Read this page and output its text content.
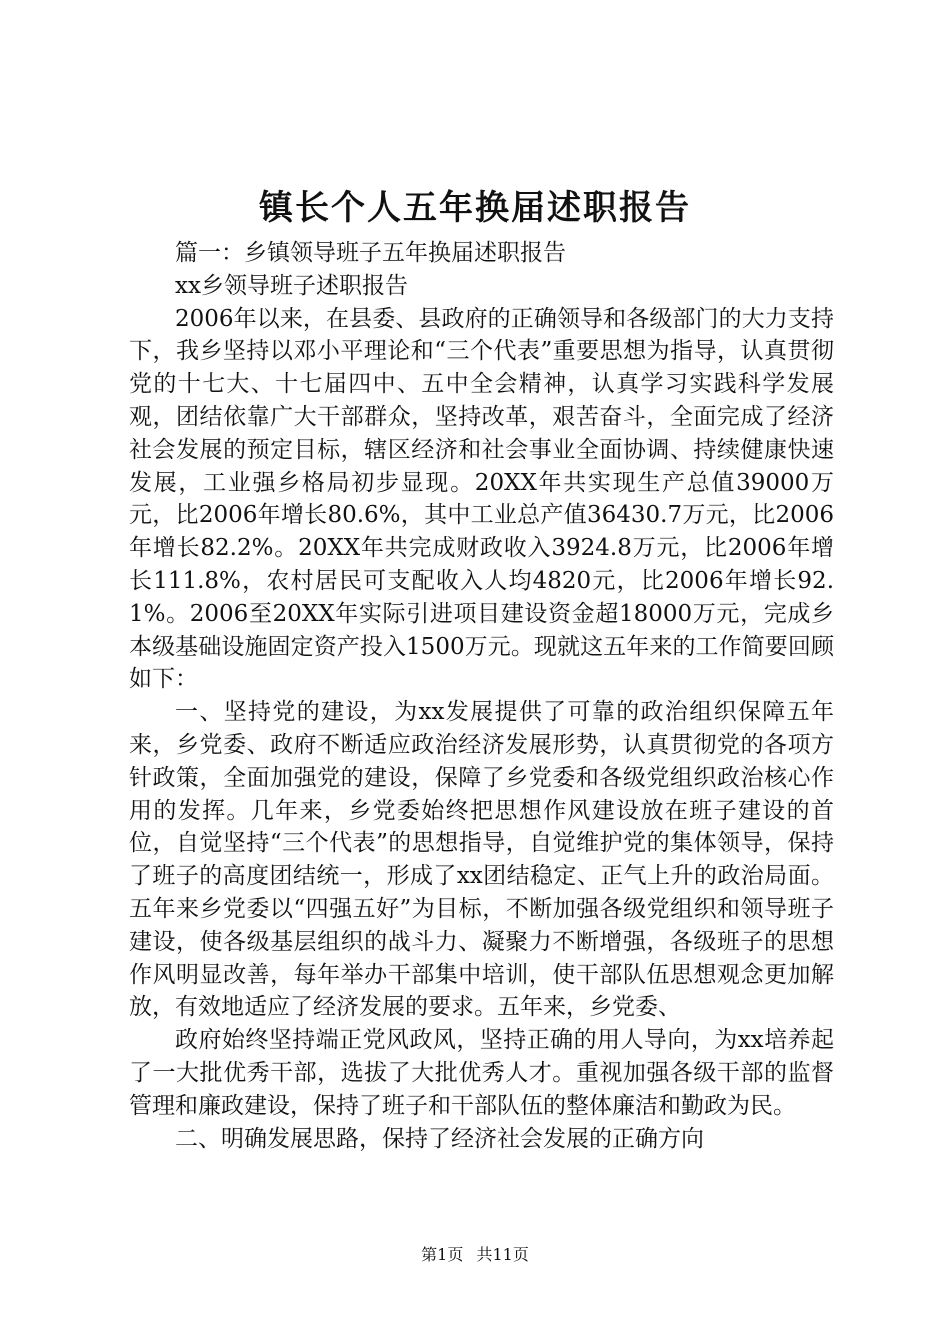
镇长个人五年换届述职报告

篇一：乡镇领导班子五年换届述职报告

xx乡领导班子述职报告

2006年以来，在县委、县政府的正确领导和各级部门的大力支持下，我乡坚持以邓小平理论和“三个代表”重要思想为指导，认真贯彻党的十七大、十七届四中、五中全会精神，认真学习实践科学发展观，团结依靠广大干部群众，坚持改革，艰苦奋斗，全面完成了经济社会发展的预定目标，辖区经济和社会事业全面协调、持续健康快速发展，工业强乡格局初步显现。20XX年共实现生产总值39000万元，比2006年增长80.6%，其中工业总产值36430.7万元，比2006年增长82.2%。20XX年共完成财政收入3924.8万元，比2006年增长111.8%，农村居民可支配收入人均4820元，比2006年增长92.1%。2006至20XX年实际引进项目建设资金超18000万元，完成乡本级基础设施固定资产投入1500万元。现就这五年来的工作简要回顾如下：

一、坚持党的建设，为xx发展提供了可靠的政治组织保障五年来，乡党委、政府不断适应政治经济发展形势，认真贯彻党的各项方针政策，全面加强党的建设，保障了乡党委和各级党组织政治核心作用的发挥。几年来，乡党委始终把思想作风建设放在班子建设的首位，自觉坚持“三个代表”的思想指导，自觉维护党的集体领导，保持了班子的高度团结统一，形成了xx团结稳定、正气上升的政治局面。五年来乡党委以“四强五好”为目标，不断加强各级党组织和领导班子建设，使各级基层组织的战斗力、凝聚力不断增强，各级班子的思想作风明显改善，每年举办干部集中培训，使干部队伍思想观念更加解放，有效地适应了经济发展的要求。五年来，乡党委、

政府始终坚持端正党风政风，坚持正确的用人导向，为xx培养起了一大批优秀干部，选拔了大批优秀人才。重视加强各级干部的监督管理和廉政建设，保持了班子和干部队伍的整体廉洁和勤政为民。

二、明确发展思路，保持了经济社会发展的正确方向

第1页 共11页
